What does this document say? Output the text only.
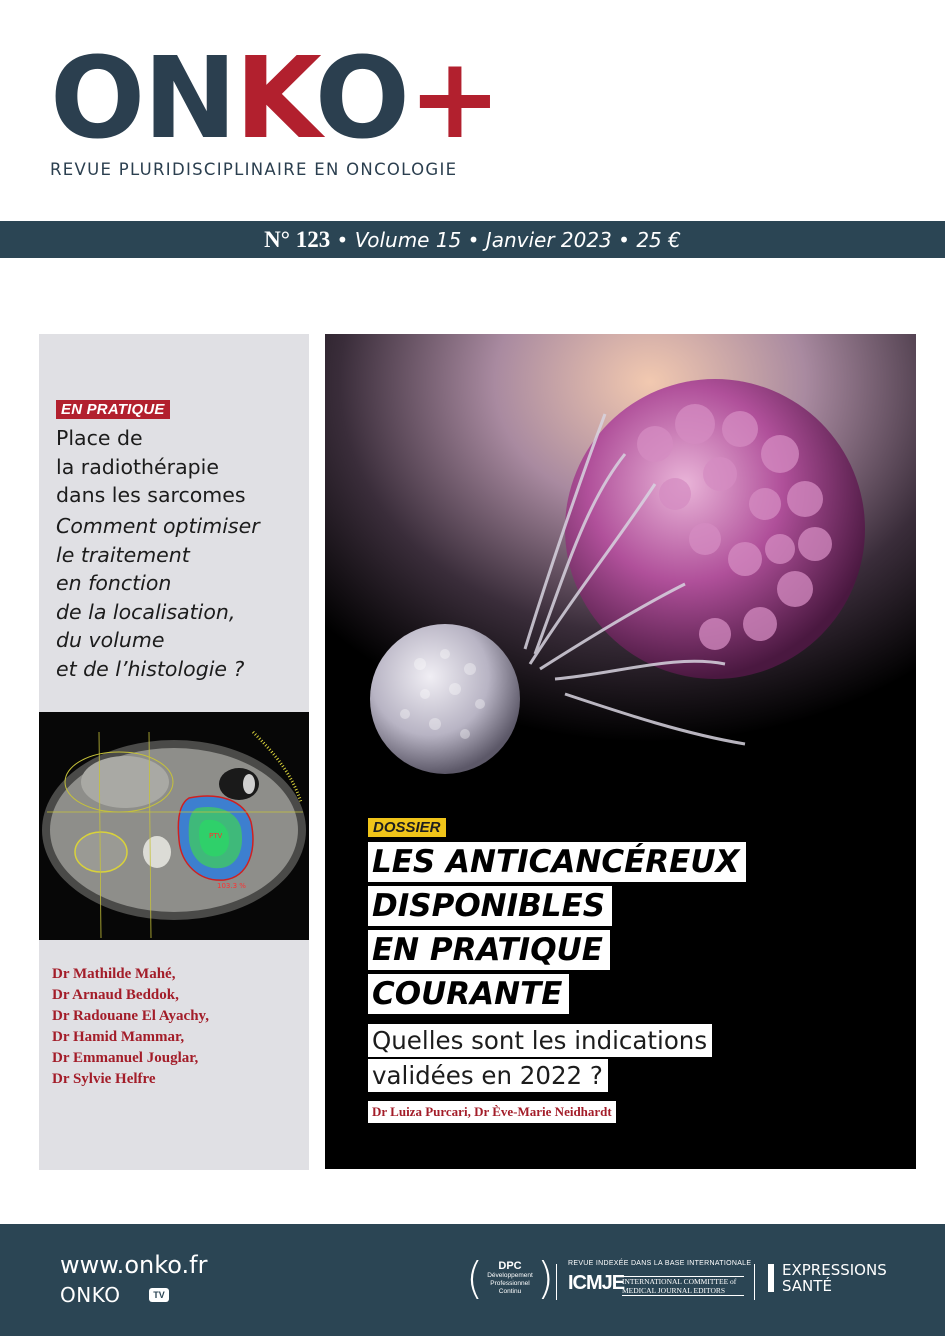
ONKO+
REVUE PLURIDISCIPLINAIRE EN ONCOLOGIE
N° 123 • Volume 15 • Janvier 2023 • 25 €
EN PRATIQUE
Place de
la radiothérapie
dans les sarcomes
Comment optimiser
le traitement
en fonction
de la localisation,
du volume
et de l’histologie ?
PTV
103.3 %
Dr Mathilde Mahé,
Dr Arnaud Beddok,
Dr Radouane El Ayachy,
Dr Hamid Mammar,
Dr Emmanuel Jouglar,
Dr Sylvie Helfre
DOSSIER
LES ANTICANCÉREUX
DISPONIBLES
EN PRATIQUE
COURANTE
Quelles sont les indications
validées en 2022 ?
Dr Luiza Purcari, Dr Ève-Marie Neidhardt
www.onko.fr
ONKO	TV	(	DPC
Développement
Professionnel
Continu ) REVUE INDEXÉE DANS LA BASE INTERNATIONALE
ICMJE
INTERNATIONAL COMMITTEE of
MEDICAL JOURNAL EDITORS
EXPRESSIONS
SANTÉ
